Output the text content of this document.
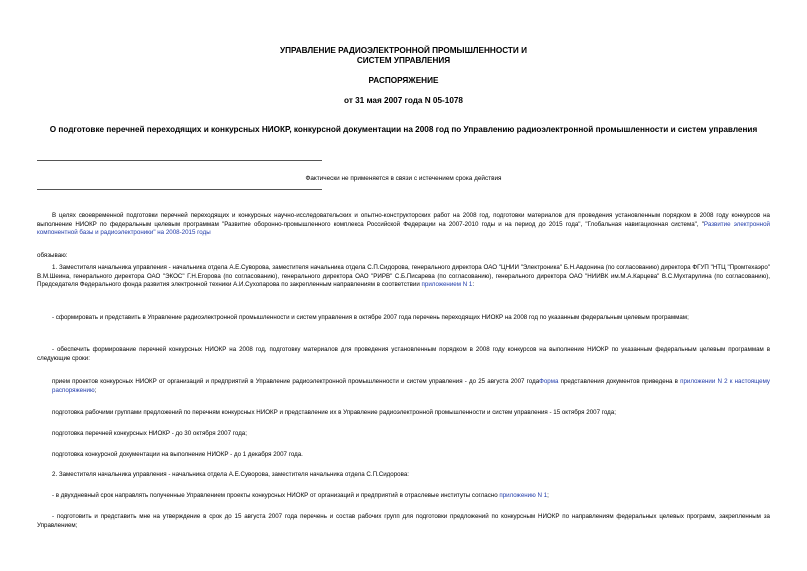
УПРАВЛЕНИЕ РАДИОЭЛЕКТРОННОЙ ПРОМЫШЛЕННОСТИ И
СИСТЕМ УПРАВЛЕНИЯ
РАСПОРЯЖЕНИЕ
от 31 мая 2007 года N 05-1078
О подготовке перечней переходящих и конкурсных НИОКР, конкурсной документации на 2008 год по Управлению радиоэлектронной промышленности и систем управления
Фактически не применяется в связи с истечением срока действия

В целях своевременной подготовки перечней переходящих и конкурсных научно-исследовательских и опытно-конструкторских работ на 2008 год, подготовки материалов для проведения установленным порядком в 2008 году конкурсов на выполнение НИОКР по федеральным целевым программам "Развитие оборонно-промышленного комплекса Российской Федерации на 2007-2010 годы и на период до 2015 года", "Глобальная навигационная система", "Развитие электронной компонентной базы и радиоэлектроники" на 2008-2015 годы

обязываю:

1. Заместителя начальника управления - начальника отдела А.Е.Суворова, заместителя начальника отдела С.П.Сидорова, генерального директора ОАО "ЦНИИ "Электроника" Б.Н.Авдонина (по согласованию) директора ФГУП "НТЦ "Промтехаэро" В.М.Шеина, генерального директора ОАО "ЭКОС" Г.Н.Егорова (по согласованию), генерального директора ОАО "РИРВ" С.Б.Писарева (по согласованию), генерального директора ОАО "НИИВК им.М.А.Карцева" В.С.Мухтарулина (по согласованию), Председателя Федерального фонда развития электронной техники А.И.Сухопарова по закрепленным направлениям в соответствии приложением N 1:

- сформировать и представить в Управление радиоэлектронной промышленности и систем управления в октябре 2007 года перечень переходящих НИОКР на 2008 год по указанным федеральным целевым программам;

- обеспечить формирование перечней конкурсных НИОКР на 2008 год, подготовку материалов для проведения установленным порядком в 2008 году конкурсов на выполнение НИОКР по указанным федеральным целевым программам в следующие сроки:

прием проектов конкурсных НИОКР от организаций и предприятий в Управление радиоэлектронной промышленности и систем управления - до 25 августа 2007 годаФорма представления документов приведена в приложении N 2 к настоящему распоряжению;

подготовка рабочими группами предложений по перечням конкурсных НИОКР и представление их в Управление радиоэлектронной промышленности и систем управления - 15 октября 2007 года;

подготовка перечней конкурсных НИОКР - до 30 октября 2007 года;

подготовка конкурсной документации на выполнение НИОКР - до 1 декабря 2007 года.

2. Заместителя начальника управления - начальника отдела А.Е.Суворова, заместителя начальника отдела С.П.Сидорова:

- в двухдневный срок направлять полученные Управлением проекты конкурсных НИОКР от организаций и предприятий в отраслевые институты согласно приложению N 1;

- подготовить и представить мне на утверждение в срок до 15 августа 2007 года перечень и состав рабочих групп для подготовки предложений по конкурсным НИОКР по направлениям федеральных целевых программ, закрепленным за Управлением;
